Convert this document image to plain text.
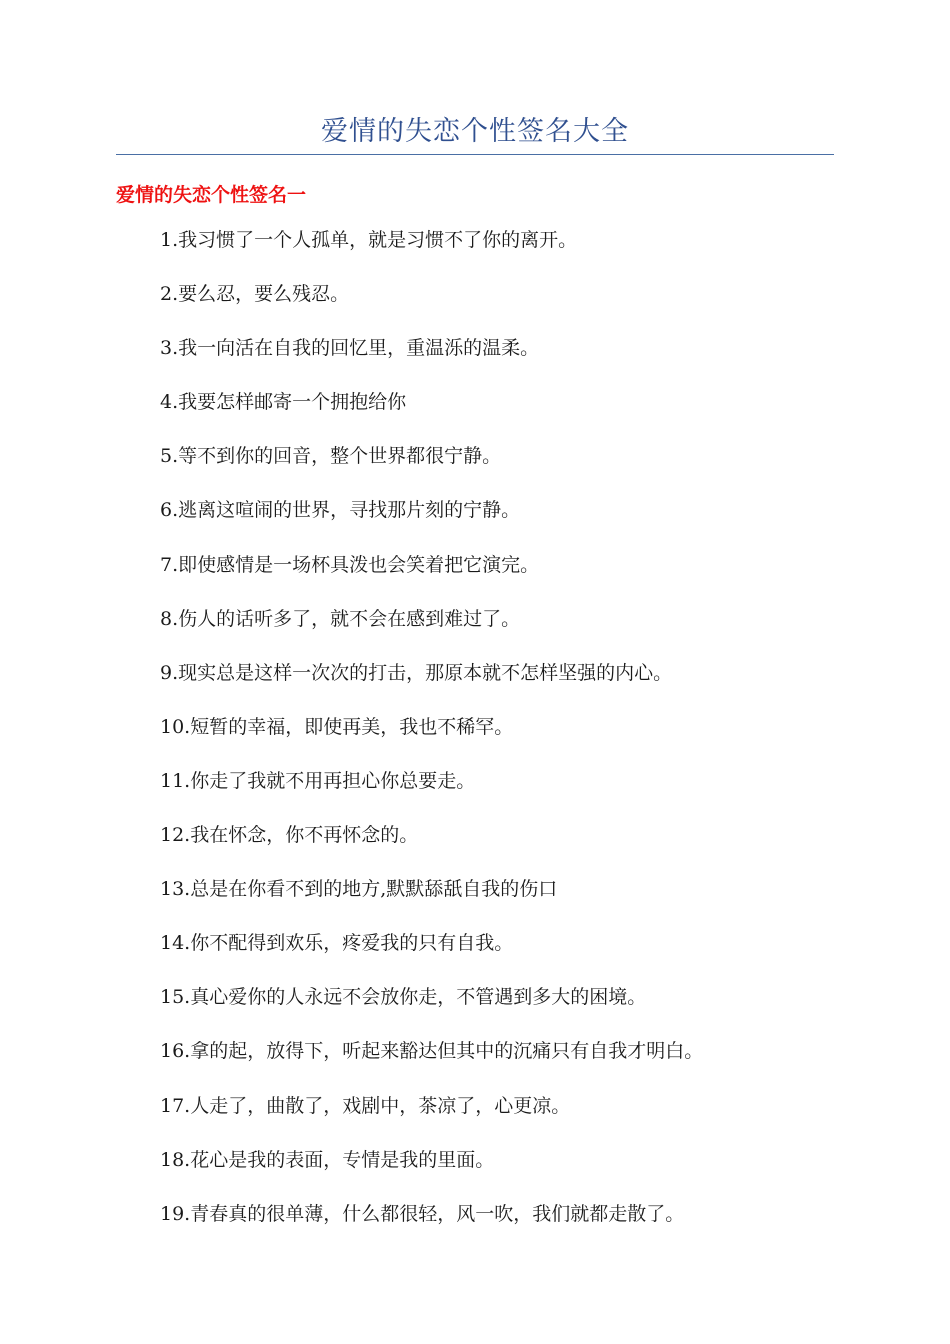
爱情的失恋个性签名大全
爱情的失恋个性签名一
1.我习惯了一个人孤单，就是习惯不了你的离开。
2.要么忍，要么残忍。
3.我一向活在自我的回忆里，重温泺的温柔。
4.我要怎样邮寄一个拥抱给你
5.等不到你的回音，整个世界都很宁静。
6.逃离这喧闹的世界，寻找那片刻的宁静。
7.即使感情是一场杯具泼也会笑着把它演完。
8.伤人的话听多了，就不会在感到难过了。
9.现实总是这样一次次的打击，那原本就不怎样坚强的内心。
10.短暂的幸福，即使再美，我也不稀罕。
11.你走了我就不用再担心你总要走。
12.我在怀念，你不再怀念的。
13.总是在你看不到的地方,默默舔舐自我的伤口
14.你不配得到欢乐，疼爱我的只有自我。
15.真心爱你的人永远不会放你走，不管遇到多大的困境。
16.拿的起，放得下，听起来豁达但其中的沉痛只有自我才明白。
17.人走了，曲散了，戏剧中，茶凉了，心更凉。
18.花心是我的表面，专情是我的里面。
19.青春真的很单薄，什么都很轻，风一吹，我们就都走散了。
